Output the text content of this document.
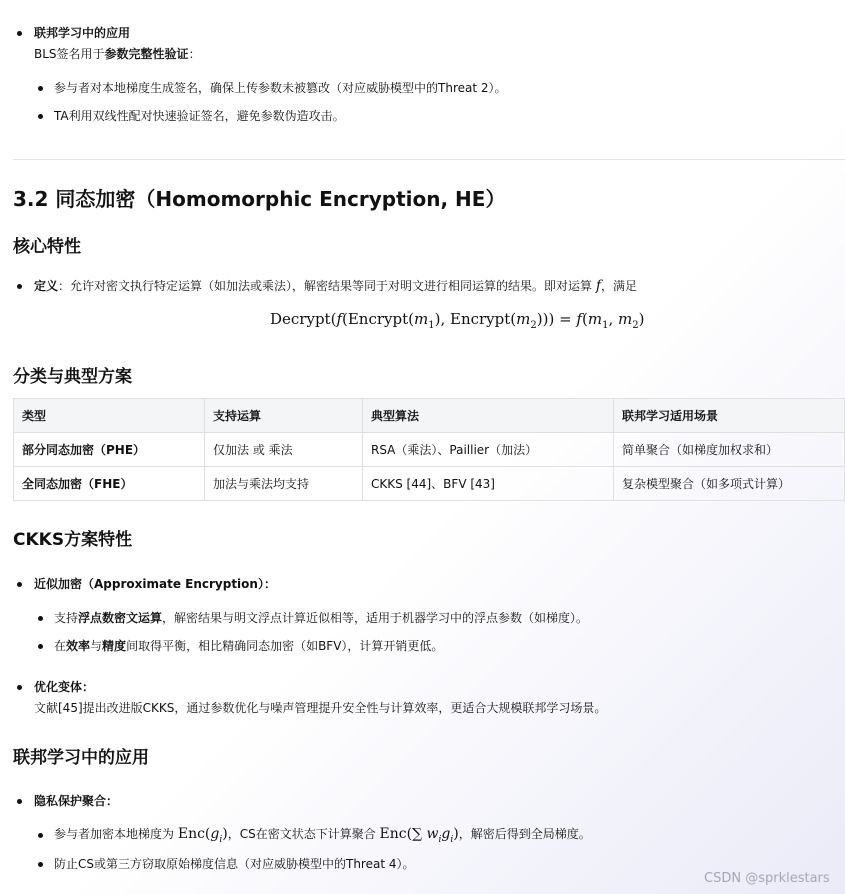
联邦学习中的应用
BLS签名用于参数完整性验证：
参与者对本地梯度生成签名，确保上传参数未被篡改（对应威胁模型中的Threat 2）。
TA利用双线性配对快速验证签名，避免参数伪造攻击。
3.2 同态加密（Homomorphic Encryption, HE）
核心特性
定义：允许对密文执行特定运算（如加法或乘法），解密结果等同于对明文进行相同运算的结果。即对运算 f，满足
$Decrypt(f(Encrypt(m_1)$, $Encrypt(m_2))) = f(m_1$, $m_2$)
分类与典型方案
类型	支持运算	典型算法	联邦学习适用场景
部分同态加密（PHE）	仅加法 或 乘法	RSA（乘法）、Paillier（加法）	简单聚合（如梯度加权求和）
全同态加密（FHE）	加法与乘法均支持	CKKS [44]、BFV [43]	复杂模型聚合（如多项式计算）
CKKS方案特性
近似加密（Approximate Encryption）：
支持浮点数密文运算，解密结果与明文浮点计算近似相等，适用于机器学习中的浮点参数（如梯度）。
在效率与精度间取得平衡，相比精确同态加密（如BFV），计算开销更低。
优化变体：
文献[45]提出改进版CKKS，通过参数优化与噪声管理提升安全性与计算效率，更适合大规模联邦学习场景。
联邦学习中的应用
隐私保护聚合：
参与者加密本地梯度为 $Enc(g_i)$，CS在密文状态下计算聚合 Enc(∑ $w_ig_i$)，解密后得到全局梯度。
防止CS或第三方窃取原始梯度信息（对应威胁模型中的Threat 4）。
CSDN @sprklestars
